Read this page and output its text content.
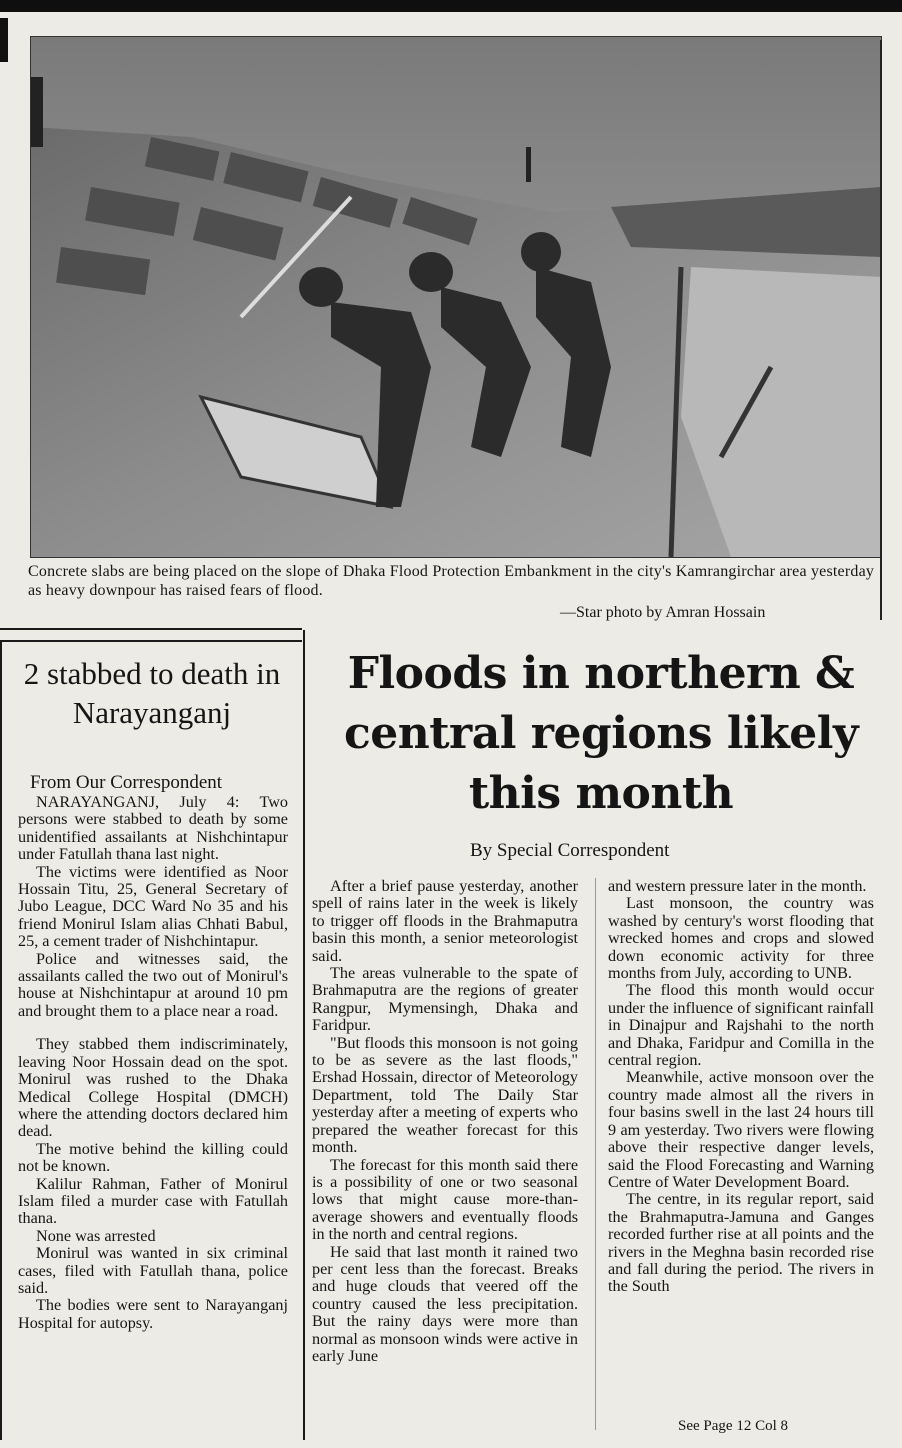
Concrete slabs are being placed on the slope of Dhaka Flood Protection Embankment in the city's Kamrangirchar area yesterday as heavy downpour has raised fears of flood.
—Star photo by Amran Hossain
2 stabbed to death in Narayanganj
From Our Correspondent

NARAYANGANJ, July 4: Two persons were stabbed to death by some unidentified assailants at Nishchintapur under Fatullah thana last night.

The victims were identified as Noor Hossain Titu, 25, General Secretary of Jubo League, DCC Ward No 35 and his friend Monirul Islam alias Chhati Babul, 25, a cement trader of Nishchintapur.

Police and witnesses said, the assailants called the two out of Monirul's house at Nishchintapur at around 10 pm and brought them to a place near a road.

They stabbed them indiscriminately, leaving Noor Hossain dead on the spot. Monirul was rushed to the Dhaka Medical College Hospital (DMCH) where the attending doctors declared him dead.

The motive behind the killing could not be known.

Kalilur Rahman, Father of Monirul Islam filed a murder case with Fatullah thana.

None was arrested

Monirul was wanted in six criminal cases, filed with Fatullah thana, police said.

The bodies were sent to Narayanganj Hospital for autopsy.

Floods in northern & central regions likely this month
By Special Correspondent

After a brief pause yesterday, another spell of rains later in the week is likely to trigger off floods in the Brahmaputra basin this month, a senior meteorologist said.

The areas vulnerable to the spate of Brahmaputra are the regions of greater Rangpur, Mymensingh, Dhaka and Faridpur.

"But floods this monsoon is not going to be as severe as the last floods," Ershad Hossain, director of Meteorology Department, told The Daily Star yesterday after a meeting of experts who prepared the weather forecast for this month.

The forecast for this month said there is a possibility of one or two seasonal lows that might cause more-than-average showers and eventually floods in the north and central regions.

He said that last month it rained two per cent less than the forecast. Breaks and huge clouds that veered off the country caused the less precipitation. But the rainy days were more than normal as monsoon winds were active in early June

and western pressure later in the month.

Last monsoon, the country was washed by century's worst flooding that wrecked homes and crops and slowed down economic activity for three months from July, according to UNB.

The flood this month would occur under the influence of significant rainfall in Dinajpur and Rajshahi to the north and Dhaka, Faridpur and Comilla in the central region.

Meanwhile, active monsoon over the country made almost all the rivers in four basins swell in the last 24 hours till 9 am yesterday. Two rivers were flowing above their respective danger levels, said the Flood Forecasting and Warning Centre of Water Development Board.

The centre, in its regular report, said the Brahmaputra-Jamuna and Ganges recorded further rise at all points and the rivers in the Meghna basin recorded rise and fall during the period. The rivers in the South

See Page 12 Col 8
